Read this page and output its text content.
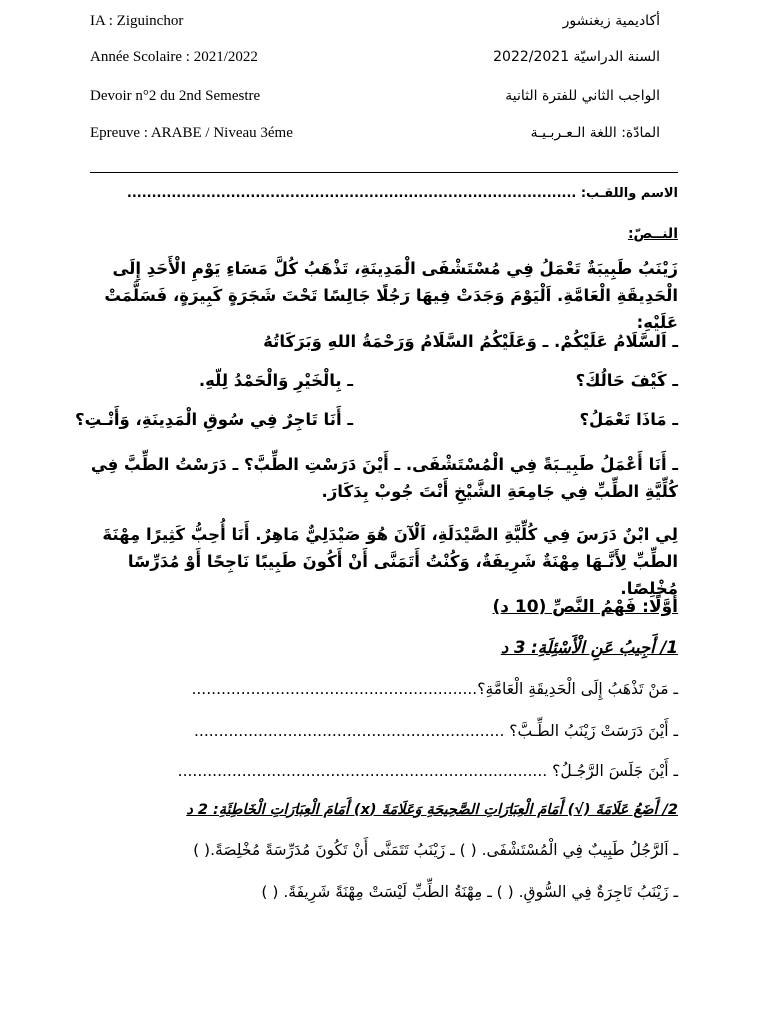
IA : Ziguinchor	أكاديمية زيغنشور
Année Scolaire : 2021/2022	السنة الدراسيّة 2022/2021
Devoir n°2 du 2nd Semestre	الواجب الثاني للفترة الثانية
Epreuve : ARABE / Niveau 3éme	المادّة: اللغة الـعـربـيـة
الاسم واللقـب: ...........................................................................................
النــصّ:
زَيْنَبُ طَبِيبَةٌ تَعْمَلُ فِي مُسْتَشْفَى الْمَدِينَةِ، تَذْهَبُ كُلَّ مَسَاءِ يَوْمِ الْأَحَدِ إِلَى الْحَدِيقَةِ الْعَامَّةِ. اَلْيَوْمَ وَجَدَتْ فِيهَا رَجُلًا جَالِسًا تَحْتَ شَجَرَةٍ كَبِيرَةٍ، فَسَلَّمَتْ عَلَيْهِ:
ـ اَلسَّلَامُ عَلَيْكُمْ. ـ وَعَلَيْكُمُ السَّلَامُ وَرَحْمَةُ اللهِ وَبَرَكَاتُهُ
ـ كَيْفَ حَالُكَ؟
ـ بِالْخَيْرِ وَالْحَمْدُ لِلّهِ.
ـ مَاذَا تَعْمَلُ؟
ـ أَنَا تَاجِرٌ فِي سُوقِ الْمَدِينَةِ، وَأَنْـتِ؟
ـ أَنَا أَعْمَلُ طَبِيـبَةً فِي الْمُسْتَشْفَى. ـ أَيْنَ دَرَسْتِ الطِّبَّ؟ ـ دَرَسْتُ الطِّبَّ فِي كُلِّيَّةِ الطِّبِّ فِي جَامِعَةِ الشَّيْخِ أَنْتَ جُوبْ بِدَكَارَ.
لِي ابْنٌ دَرَسَ فِي كُلِّيَّةِ الصَّيْدَلَةِ، اَلْآنَ هُوَ صَيْدَلِيٌّ مَاهِرٌ. أَنَا أُحِبُّ كَثِيرًا مِهْنَةَ الطِّبِّ لِأَنَّـهَا مِهْنَةٌ شَرِيفَةٌ، وَكُنْتُ أَتَمَنَّى أَنْ أَكُونَ طَبِيبًا نَاجِحًا أَوْ مُدَرِّسًا مُخْلِصًا.
أوَّلًا: فَهْمُ النَّصِّ (10 د)
1/ أَجِيبُ عَنِ الْأَسْئِلَةِ: 3 د
ـ مَنْ تَذْهَبُ إِلَى الْحَدِيقَةِ الْعَامَّةِ؟..........................................................
ـ أَيْنَ دَرَسَتْ زَيْنَبُ الطِّـبَّ؟ ...............................................................
ـ أَيْنَ جَلَسَ الرَّجُـلُ؟ ...........................................................................
2/ أَضَعُ عَلَامَةَ (√) أَمَامَ الْعِبَارَاتِ الصَّحِيحَةِ وَعَلَامَةَ (x) أَمَامَ الْعِبَارَاتِ الْخَاطِئَةِ: 2 د
ـ اَلرَّجُلُ طَبِيبٌ فِي الْمُسْتَشْفَى. ( ) ـ زَيْنَبُ تَتَمَنَّى أَنْ تَكُونَ مُدَرِّسَةً مُخْلِصَةً.( )
ـ زَيْنَبُ تَاجِرَةٌ فِي السُّوقِ. ( ) ـ مِهْنَةُ الطِّبِّ لَيْسَتْ مِهْنَةً شَرِيفَةً. ( )
